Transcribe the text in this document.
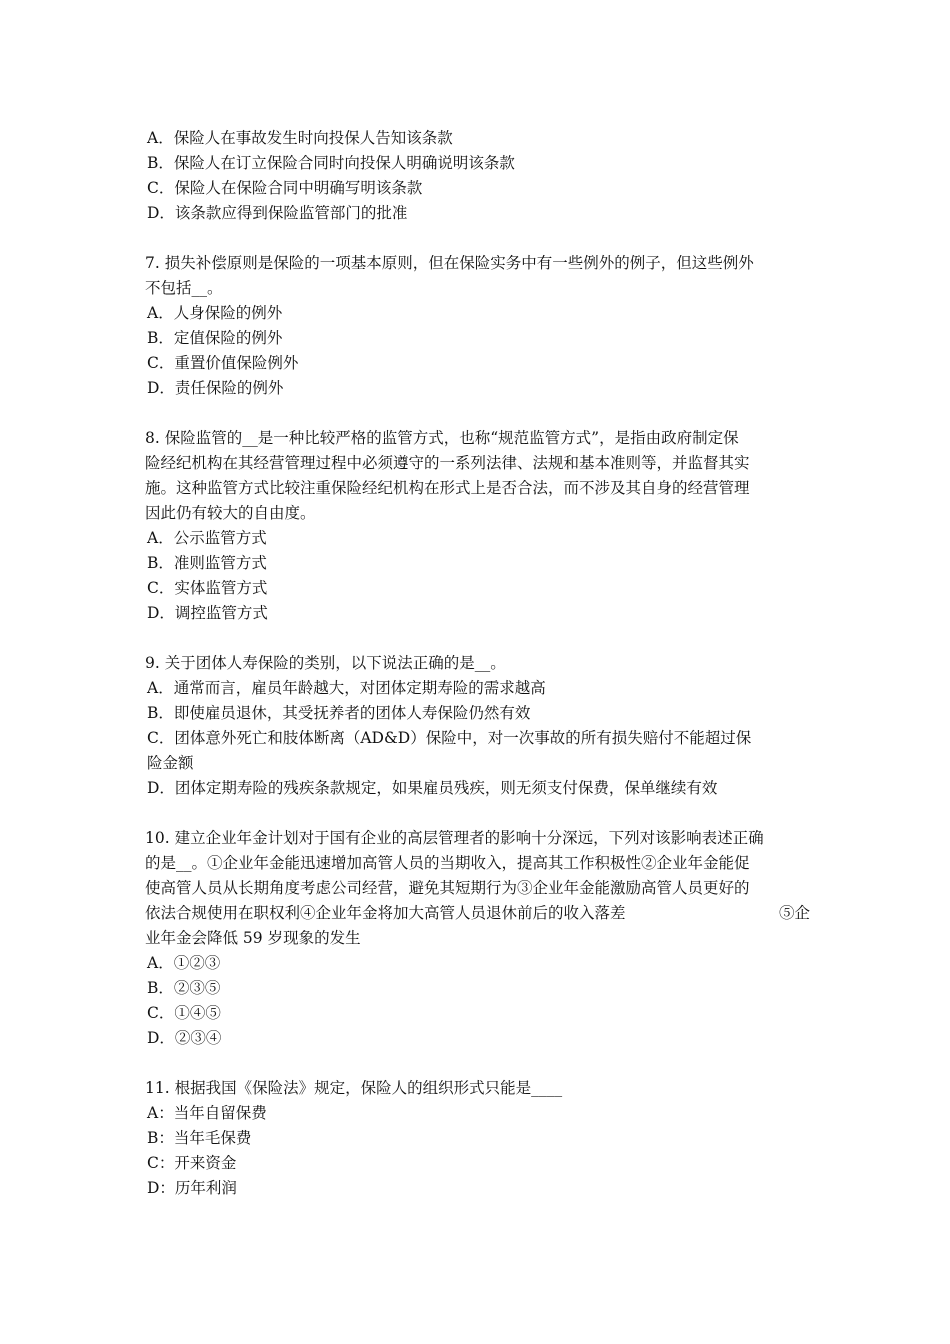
A．保险人在事故发生时向投保人告知该条款

B．保险人在订立保险合同时向投保人明确说明该条款

C．保险人在保险合同中明确写明该条款

D．该条款应得到保险监管部门的批准

7. 损失补偿原则是保险的一项基本原则，但在保险实务中有一些例外的例子，但这些例外

不包括__。

A．人身保险的例外

B．定值保险的例外

C．重置价值保险例外

D．责任保险的例外

8. 保险监管的__是一种比较严格的监管方式，也称“规范监管方式”，是指由政府制定保

险经纪机构在其经营管理过程中必须遵守的一系列法律、法规和基本准则等，并监督其实

施。这种监管方式比较注重保险经纪机构在形式上是否合法，而不涉及其自身的经营管理

因此仍有较大的自由度。

A．公示监管方式

B．准则监管方式

C．实体监管方式

D．调控监管方式

9. 关于团体人寿保险的类别，以下说法正确的是__。

A．通常而言，雇员年龄越大，对团体定期寿险的需求越高

B．即使雇员退休，其受抚养者的团体人寿保险仍然有效

C．团体意外死亡和肢体断离（AD&D）保险中，对一次事故的所有损失赔付不能超过保

险金额

D．团体定期寿险的残疾条款规定，如果雇员残疾，则无须支付保费，保单继续有效

10. 建立企业年金计划对于国有企业的高层管理者的影响十分深远，下列对该影响表述正确

的是__。①企业年金能迅速增加高管人员的当期收入，提高其工作积极性②企业年金能促

使高管人员从长期角度考虑公司经营，避免其短期行为③企业年金能激励高管人员更好的

依法合规使用在职权利④企业年金将加大高管人员退休前后的收入落差	⑤企

业年金会降低 59 岁现象的发生

A．①②③

B．②③⑤

C．①④⑤

D．②③④

11. 根据我国《保险法》规定，保险人的组织形式只能是____

A：当年自留保费

B：当年毛保费

C：开来资金

D：历年利润
